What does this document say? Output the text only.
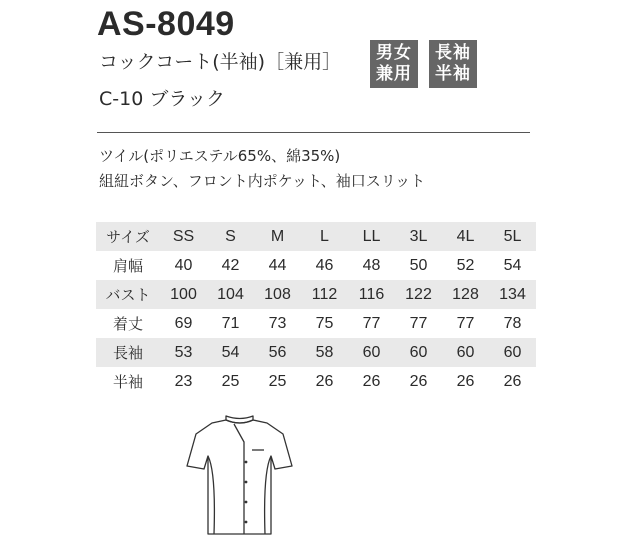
AS-8049
コックコート(半袖)［兼用］
C-10 ブラック
男女
兼用
長袖
半袖
ツイル(ポリエステル65%、綿35%)
組紐ボタン、フロント内ポケット、袖口スリット
サイズ	SS	S	M	L	LL	3L	4L	5L
肩幅	40	42	44	46	48	50	52	54
バスト	100	104	108	112	116	122	128	134
着丈	69	71	73	75	77	77	77	78
長袖	53	54	56	58	60	60	60	60
半袖	23	25	25	26	26	26	26	26
